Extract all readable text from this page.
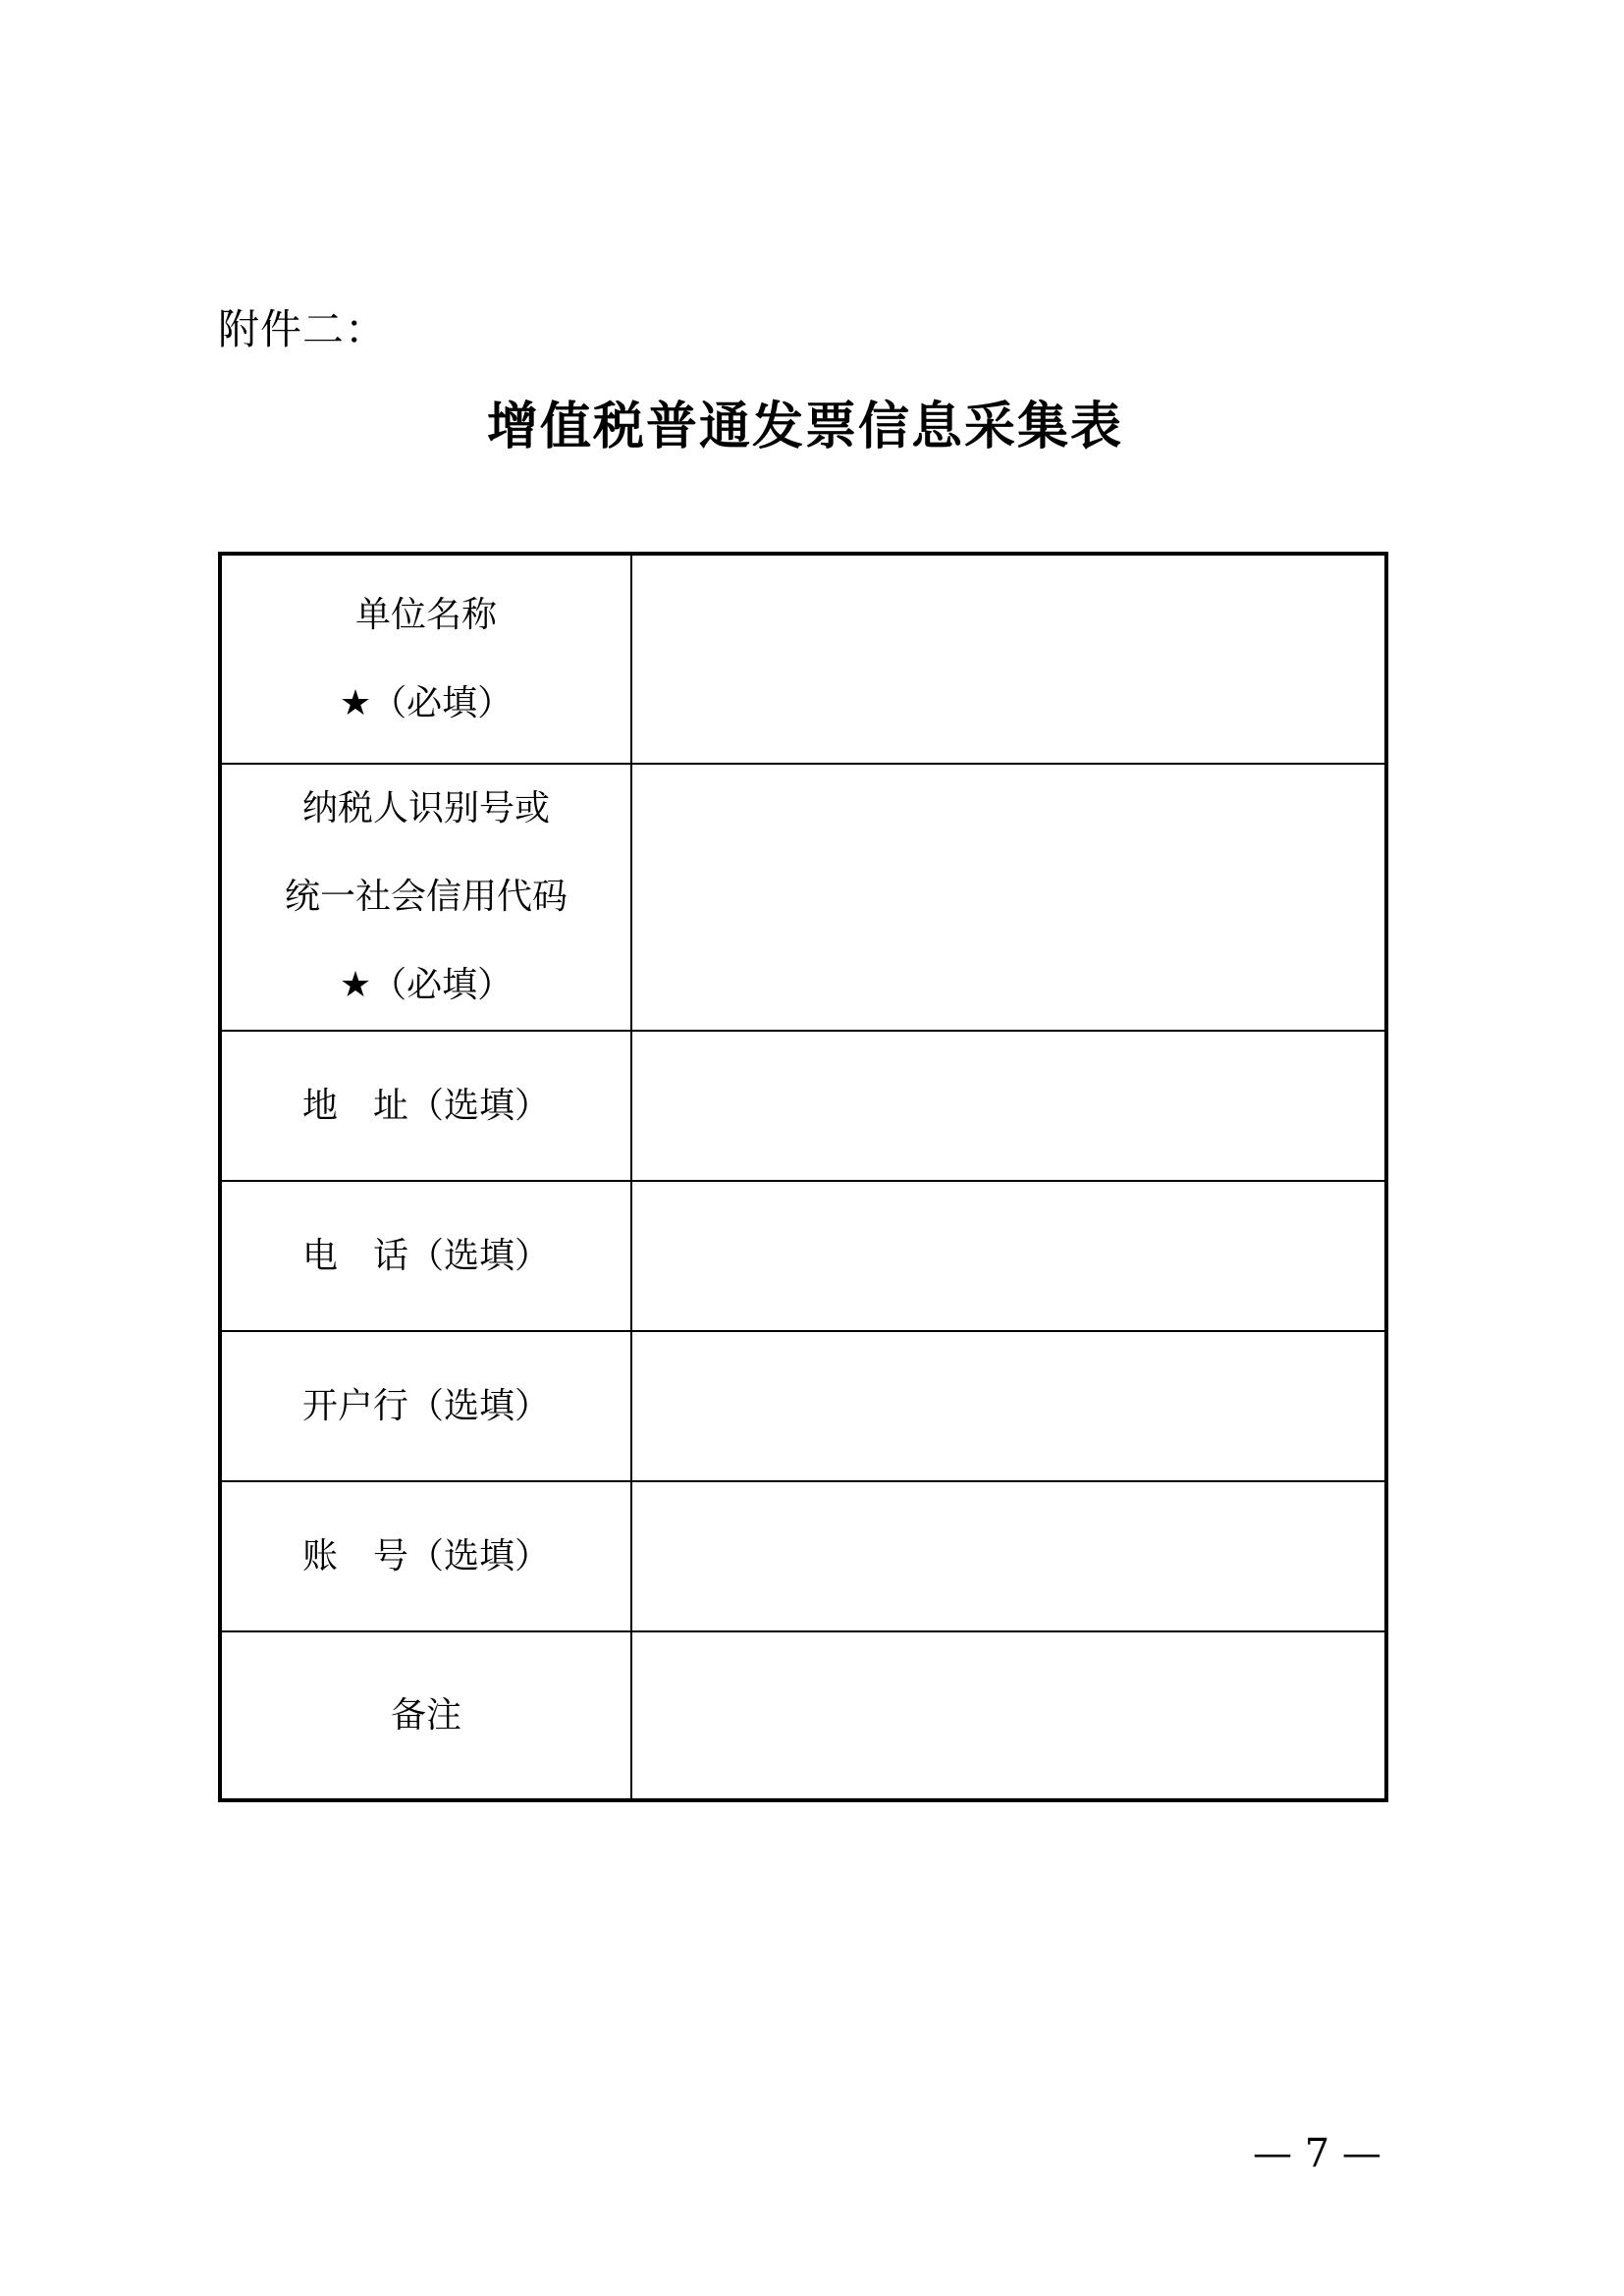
附件二：
增值税普通发票信息采集表
单位名称
★（必填）	

纳税人识别号或
统一社会信用代码
★（必填）	

地　址（选填）	

电　话（选填）	

开户行（选填）	

账　号（选填）	

备注	

— 7 —
